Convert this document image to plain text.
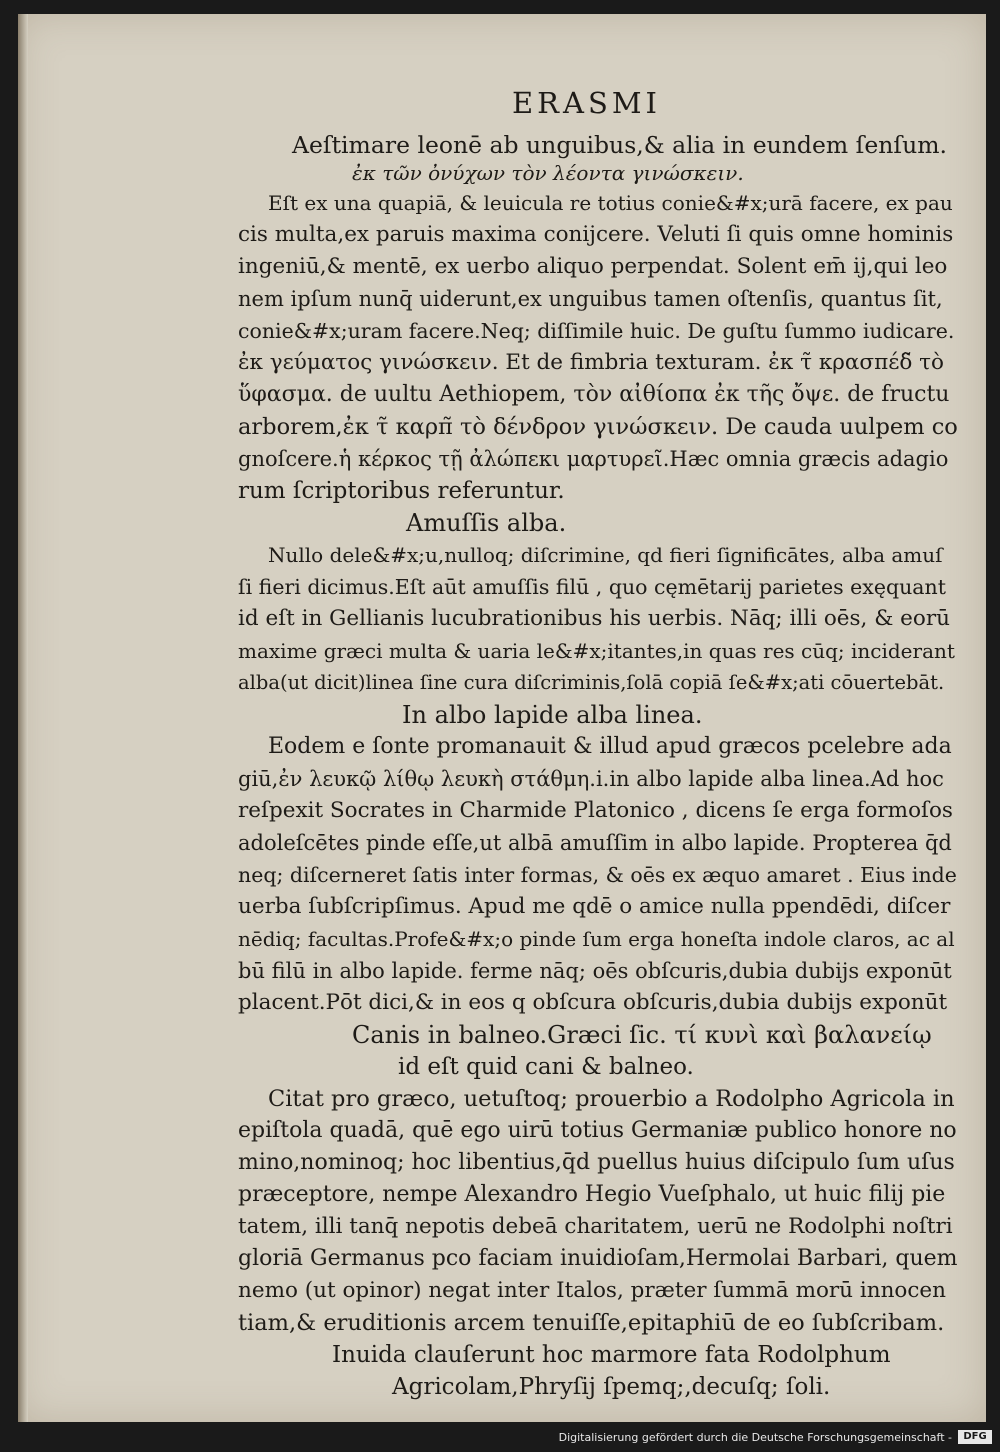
ERASMI
Aeſtimare leonē ab unguibus,& alia in eundem ſenſum.
ἐκ τῶν ὀνύχων τὸν λέοντα γινώσκειν.
Eſt ex una quapiā, & leuicula re totius conie&#x;urā facere, ex pau
cis multa,ex paruis maxima conijcere. Veluti ſi quis omne hominis
ingeniū,& mentē, ex uerbo aliquo perpendat. Solent em̄ ij,qui leo
nem ipſum nunq̄ uiderunt,ex unguibus tamen oſtenſis, quantus ſit,
conie&#x;uram facere.Neq; diſſimile huic. De guſtu ſummo iudicare.
ἐκ γεύματος γινώσκειν. Et de fimbria texturam. ἐκ τ̃ κρασπέδ̃ τὸ
ὕφασμα. de uultu Aethiopem, τὸν αἰθίοπα ἐκ τῆς ὄψε. de fructu
arborem,ἐκ τ̃ καρπ̃ τὸ δένδρον γινώσκειν. De cauda uulpem co
gnoſcere.ἡ κέρκος τῇ ἀλώπεκι μαρτυρεῖ.Hæc omnia græcis adagio
rum ſcriptoribus referuntur.
Amuſſis alba.
Nullo dele&#x;u,nulloq; diſcrimine, qd fieri ſignificātes, alba amuſ
ſi fieri dicimus.Eſt aūt amuſſis filū , quo cęmētarij parietes exęquant
id eſt in Gellianis lucubrationibus his uerbis. Nāq; illi oēs, & eorū
maxime græci multa & uaria le&#x;itantes,in quas res cūq; inciderant
alba(ut dicit)linea ſine cura diſcriminis,ſolā copiā ſe&#x;ati cōuertebāt.
In albo lapide alba linea.
Eodem e ſonte promanauit & illud apud græcos pcelebre ada
giū,ἐν λευκῷ λίθῳ λευκὴ στάθμη.i.in albo lapide alba linea.Ad hoc
reſpexit Socrates in Charmide Platonico , dicens ſe erga formoſos
adoleſcētes pinde eſſe,ut albā amuſſim in albo lapide. Propterea q̄d
neq; diſcerneret ſatis inter formas, & oēs ex æquo amaret . Eius inde
uerba ſubſcripſimus. Apud me qdē o amice nulla ppendēdi, diſcer
nēdiq; facultas.Profe&#x;o pinde ſum erga honeſta indole claros, ac al
bū filū in albo lapide. ferme nāq; oēs obſcuris,dubia dubijs exponūt
placent.Pōt dici,& in eos q obſcura obſcuris,dubia dubijs exponūt
Canis in balneo.Græci ſic. τί κυνὶ καὶ βαλανείῳ
id eſt quid cani & balneo.
Citat pro græco, uetuſtoq; prouerbio a Rodolpho Agricola in
epiſtola quadā, quē ego uirū totius Germaniæ publico honore no
mino,nominoq; hoc libentius,q̄d puellus huius diſcipulo ſum uſus
præceptore, nempe Alexandro Hegio Vueſphalo, ut huic filij pie
tatem, illi tanq̄ nepotis debeā charitatem, uerū ne Rodolphi noſtri
gloriā Germanus pco faciam inuidioſam,Hermolai Barbari, quem
nemo (ut opinor) negat inter Italos, præter ſummā morū innocen
tiam,& eruditionis arcem tenuiſſe,epitaphiū de eo ſubſcribam.
Inuida clauſerunt hoc marmore fata Rodolphum
Agricolam,Phryſij ſpemq;,decuſq; ſoli.
Digitalisierung gefördert durch die Deutsche Forschungsgemeinschaft -	DFG
